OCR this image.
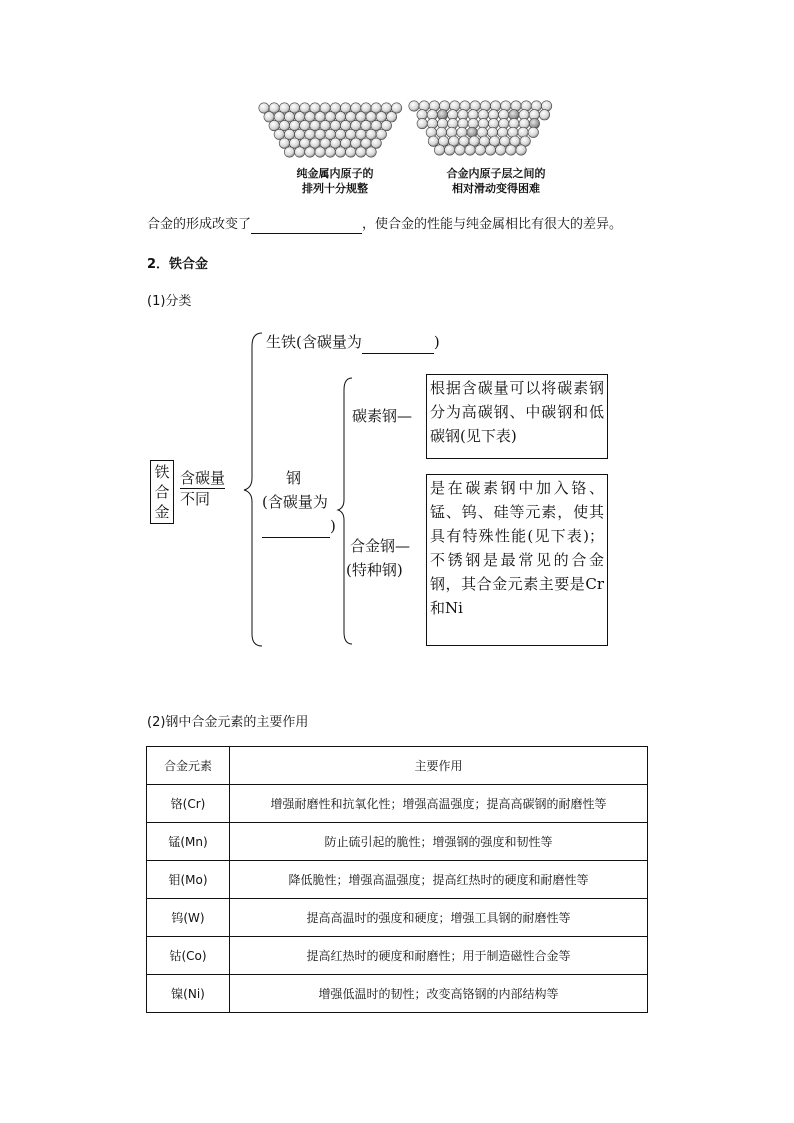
纯金属内原子的
排列十分规整
合金内原子层之间的
相对滑动变得困难
合金的形成改变了	，使合金的性能与纯金属相比有很大的差异。
2．铁合金
(1)分类
铁合金
含碳量
不同
生铁(含碳量为	)
钢
(含碳量为
)
碳素钢—
根据含碳量可以将碳素钢分为高碳钢、中碳钢和低碳钢(见下表)
合金钢—
(特种钢)
是在碳素钢中加入铬、锰、钨、硅等元素，使其具有特殊性能(见下表)；不锈钢是最常见的合金钢，其合金元素主要是Cr和Ni
(2)钢中合金元素的主要作用
合金元素	主要作用
铬(Cr)	增强耐磨性和抗氧化性；增强高温强度；提高高碳钢的耐磨性等
锰(Mn)	防止硫引起的脆性；增强钢的强度和韧性等
钼(Mo)	降低脆性；增强高温强度；提高红热时的硬度和耐磨性等
钨(W)	提高高温时的强度和硬度；增强工具钢的耐磨性等
钴(Co)	提高红热时的硬度和耐磨性；用于制造磁性合金等
镍(Ni)	增强低温时的韧性；改变高铬钢的内部结构等
